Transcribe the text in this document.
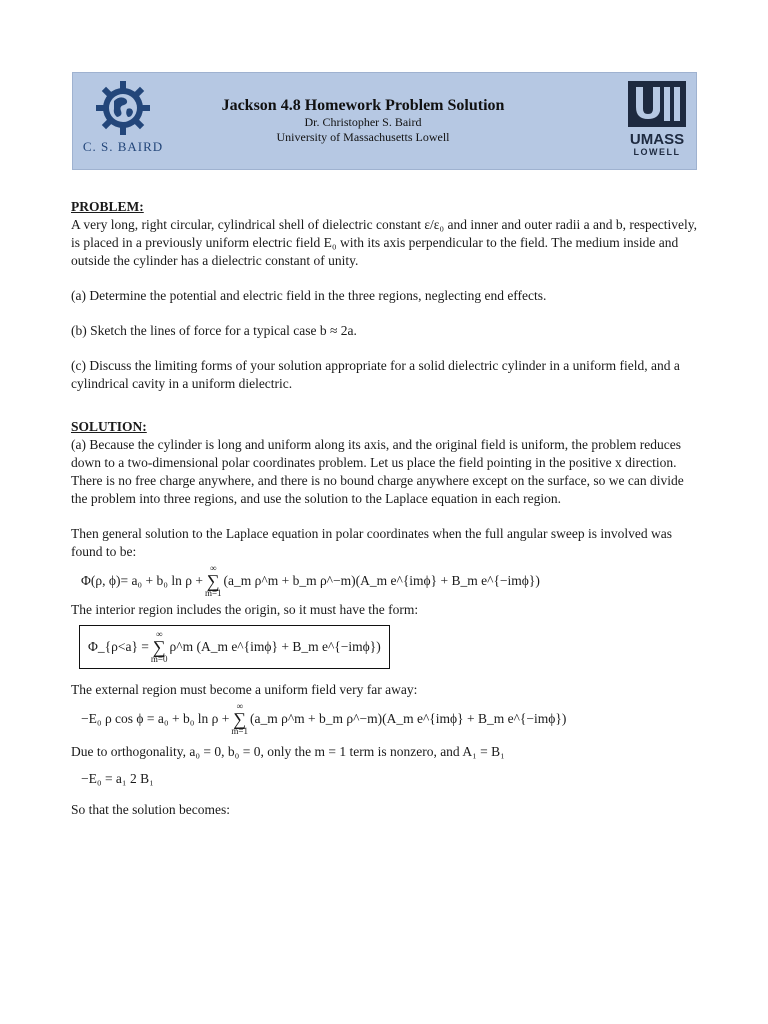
C. S. BAIRD
Jackson 4.8 Homework Problem Solution
Dr. Christopher S. Baird
University of Massachusetts Lowell	UMASS
LOWELL

PROBLEM:

A very long, right circular, cylindrical shell of dielectric constant ε/ε₀ and inner and outer radii a and b, respectively, is placed in a previously uniform electric field E₀ with its axis perpendicular to the field. The medium inside and outside the cylinder has a dielectric constant of unity.

(a) Determine the potential and electric field in the three regions, neglecting end effects.

(b) Sketch the lines of force for a typical case b ≈ 2a.

(c) Discuss the limiting forms of your solution appropriate for a solid dielectric cylinder in a uniform field, and a cylindrical cavity in a uniform dielectric.

SOLUTION:

(a) Because the cylinder is long and uniform along its axis, and the original field is uniform, the problem reduces down to a two-dimensional polar coordinates problem. Let us place the field pointing in the positive x direction.

There is no free charge anywhere, and there is no bound charge anywhere except on the surface, so we can divide the problem into three regions, and use the solution to the Laplace equation in each region.

Then general solution to the Laplace equation in polar coordinates when the full angular sweep is involved was found to be:

Φ(ρ, ϕ)= a₀ + b₀ ln ρ +
∞
∑
m=1
(a_m ρ^m + b_m ρ^−m)(A_m e^{imϕ} + B_m e^{−imϕ})

The interior region includes the origin, so it must have the form:

Φ_{ρ<a} =
∞
∑
m=0
ρ^m (A_m e^{imϕ} + B_m e^{−imϕ})

The external region must become a uniform field very far away:

−E₀ ρ cos ϕ = a₀ + b₀ ln ρ +
∞
∑
m=1
(a_m ρ^m + b_m ρ^−m)(A_m e^{imϕ} + B_m e^{−imϕ})

Due to orthogonality, a₀ = 0, b₀ = 0, only the m = 1 term is nonzero, and A₁ = B₁

−E₀ = a₁ 2 B₁

So that the solution becomes:
